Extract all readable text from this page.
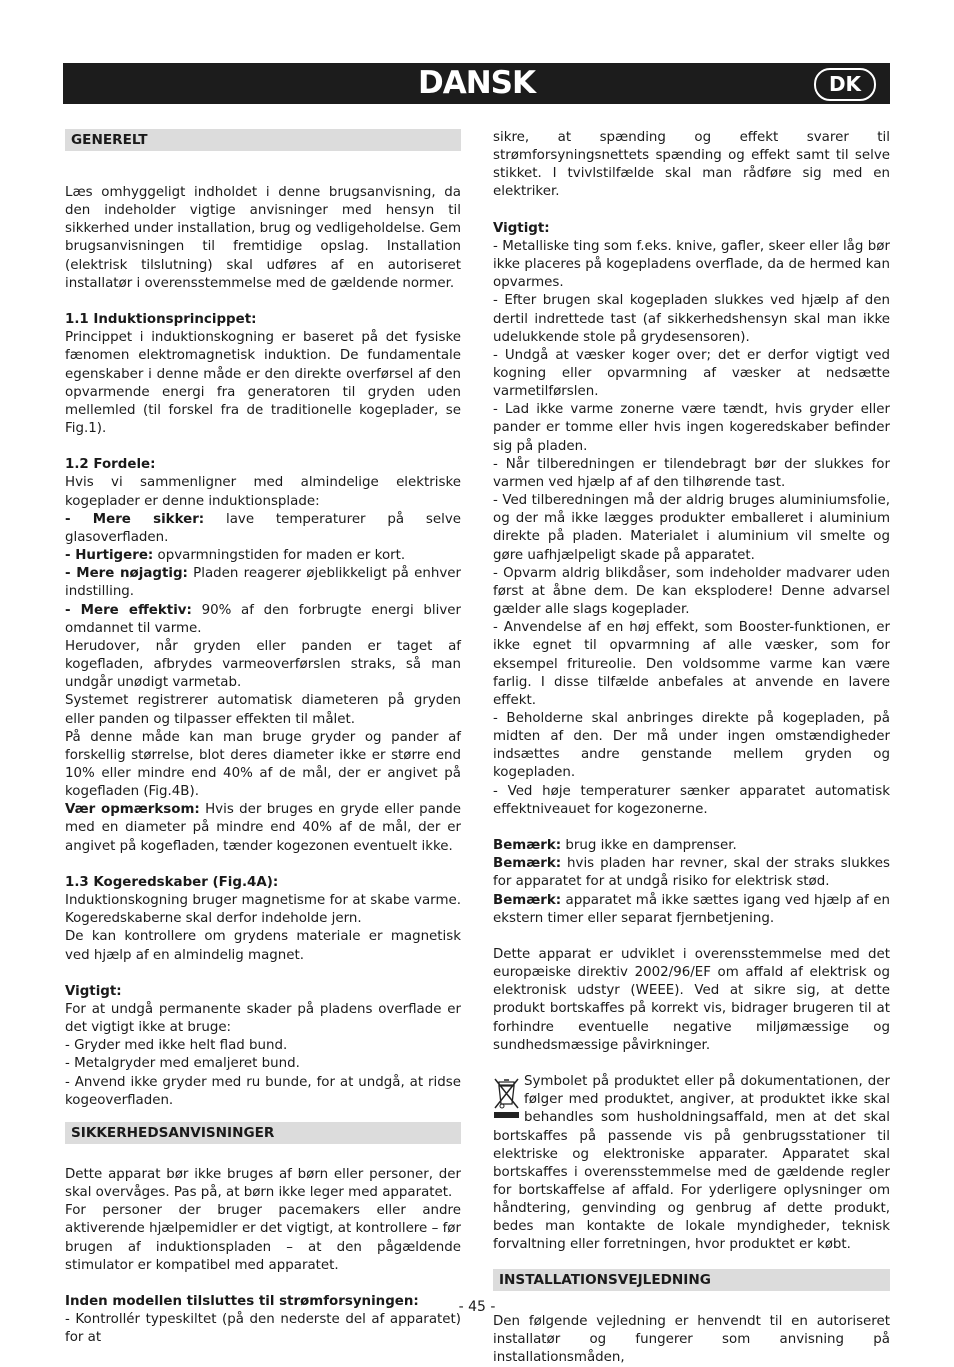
DANSK	DK
GENERELT

Læs omhyggeligt indholdet i denne brugsanvisning, da den indeholder vigtige anvisninger med hensyn til sikkerhed under installation, brug og vedligeholdelse. Gem brugsanvisningen til fremtidige opslag. Installation (elektrisk tilslutning) skal udføres af en autoriseret installatør i overensstemmelse med de gældende normer.

1.1 Induktionsprincippet:

Princippet i induktionskogning er baseret på det fysiske fænomen elektromagnetisk induktion. De fundamentale egenskaber i denne måde er den direkte overførsel af den opvarmende energi fra generatoren til gryden uden mellemled (til forskel fra de traditionelle kogeplader, se Fig.1).

1.2 Fordele:

Hvis vi sammenligner med almindelige elektriske kogeplader er denne induktionsplade:

- Mere sikker: lave temperaturer på selve glasoverfladen.

- Hurtigere: opvarmningstiden for maden er kort.

- Mere nøjagtig: Pladen reagerer øjeblikkeligt på enhver indstilling.

- Mere effektiv: 90% af den forbrugte energi bliver omdannet til varme.

Herudover, når gryden eller panden er taget af kogefladen, afbrydes varmeoverførslen straks, så man undgår unødigt varmetab.

Systemet registrerer automatisk diameteren på gryden eller panden og tilpasser effekten til målet.

På denne måde kan man bruge gryder og pander af forskellig størrelse, blot deres diameter ikke er større end 10% eller mindre end 40% af de mål, der er angivet på kogefladen (Fig.4B).

Vær opmærksom: Hvis der bruges en gryde eller pande med en diameter på mindre end 40% af de mål, der er angivet på kogefladen, tænder kogezonen eventuelt ikke.

1.3 Kogeredskaber (Fig.4A):

Induktionskogning bruger magnetisme for at skabe varme. Kogeredskaberne skal derfor indeholde jern.

De kan kontrollere om grydens materiale er magnetisk ved hjælp af en almindelig magnet.

Vigtigt:

For at undgå permanente skader på pladens overflade er det vigtigt ikke at bruge:

- Gryder med ikke helt flad bund.

- Metalgryder med emaljeret bund.

- Anvend ikke gryder med ru bunde, for at undgå, at ridse kogeoverfladen.

SIKKERHEDSANVISNINGER

Dette apparat bør ikke bruges af børn eller personer, der skal overvåges. Pas på, at børn ikke leger med apparatet.

For personer der bruger pacemakers eller andre aktiverende hjælpemidler er det vigtigt, at kontrollere – før brugen af induktionspladen – at den pågældende stimulator er kompatibel med apparatet.

Inden modellen tilsluttes til strømforsyningen:

- Kontrollér typeskiltet (på den nederste del af apparatet) for at

sikre, at spænding og effekt svarer til strømforsyningsnettets spænding og effekt samt til selve stikket. I tvivlstilfælde skal man rådføre sig med en elektriker.

Vigtigt:

- Metalliske ting som f.eks. knive, gafler, skeer eller låg bør ikke placeres på kogepladens overflade, da de hermed kan opvarmes.

- Efter brugen skal kogepladen slukkes ved hjælp af den dertil indrettede tast (af sikkerhedshensyn skal man ikke udelukkende stole på grydesensoren).

- Undgå at væsker koger over; det er derfor vigtigt ved kogning eller opvarmning af væsker at nedsætte varmetilførslen.

- Lad ikke varme zonerne være tændt, hvis gryder eller pander er tomme eller hvis ingen kogeredskaber befinder sig på pladen.

- Når tilberedningen er tilendebragt bør der slukkes for varmen ved hjælp af af den tilhørende tast.

- Ved tilberedningen må der aldrig bruges aluminiumsfolie, og der må ikke lægges produkter emballeret i aluminium direkte på pladen. Materialet i aluminium vil smelte og gøre uafhjælpeligt skade på apparatet.

- Opvarm aldrig blikdåser, som indeholder madvarer uden først at åbne dem. De kan eksplodere! Denne advarsel gælder alle slags kogeplader.

- Anvendelse af en høj effekt, som Booster-funktionen, er ikke egnet til opvarmning af alle væsker, som for eksempel fritureolie. Den voldsomme varme kan være farlig. I disse tilfælde anbefales at anvende en lavere effekt.

- Beholderne skal anbringes direkte på kogepladen, på midten af den. Der må under ingen omstændigheder indsættes andre genstande mellem gryden og kogepladen.

- Ved høje temperaturer sænker apparatet automatisk effektniveauet for kogezonerne.

Bemærk: brug ikke en damprenser.

Bemærk: hvis pladen har revner, skal der straks slukkes for apparatet for at undgå risiko for elektrisk stød.

Bemærk: apparatet må ikke sættes igang ved hjælp af en ekstern timer eller separat fjernbetjening.

Dette apparat er udviklet i overensstemmelse med det europæiske direktiv 2002/96/EF om affald af elektrisk og elektronisk udstyr (WEEE). Ved at sikre sig, at dette produkt bortskaffes på korrekt vis, bidrager brugeren til at forhindre eventuelle negative miljømæssige og sundhedsmæssige påvirkninger.

Symbolet på produktet eller på dokumentationen, der følger med produktet, angiver, at produktet ikke skal behandles som husholdningsaffald, men at det skal bortskaffes på passende vis på genbrugsstationer til elektriske og elektroniske apparater. Apparatet skal bortskaffes i overensstemmelse med de gældende regler for bortskaffelse af affald. For yderligere oplysninger om håndtering, genvinding og genbrug af dette produkt, bedes man kontakte de lokale myndigheder, teknisk forvaltning eller forretningen, hvor produktet er købt.

INSTALLATIONSVEJLEDNING

Den følgende vejledning er henvendt til en autoriseret installatør og fungerer som anvisning på installationsmåden,

- 45 -
